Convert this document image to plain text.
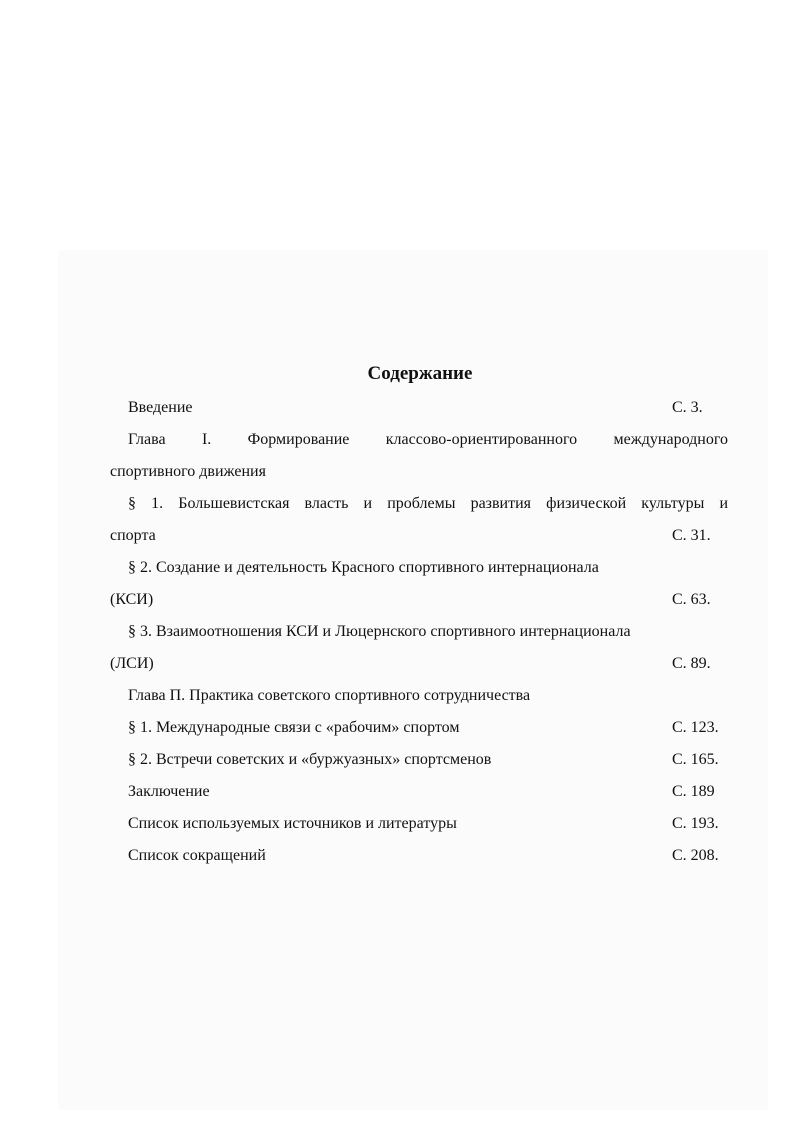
Содержание
Введение	С. 3.
Глава I. Формирование классово-ориентированного международного
спортивного движения
§ 1. Большевистская власть и проблемы развития физической культуры и
спорта	С. 31.
§ 2. Создание и деятельность Красного спортивного интернационала
(КСИ)	С. 63.
§ 3. Взаимоотношения КСИ и Люцернского спортивного интернационала
(ЛСИ)	С. 89.
Глава П. Практика советского спортивного сотрудничества
§ 1. Международные связи с «рабочим» спортом	С. 123.
§ 2. Встречи советских и «буржуазных» спортсменов	С. 165.
Заключение	С. 189
Список используемых источников и литературы	С. 193.
Список сокращений	С. 208.
